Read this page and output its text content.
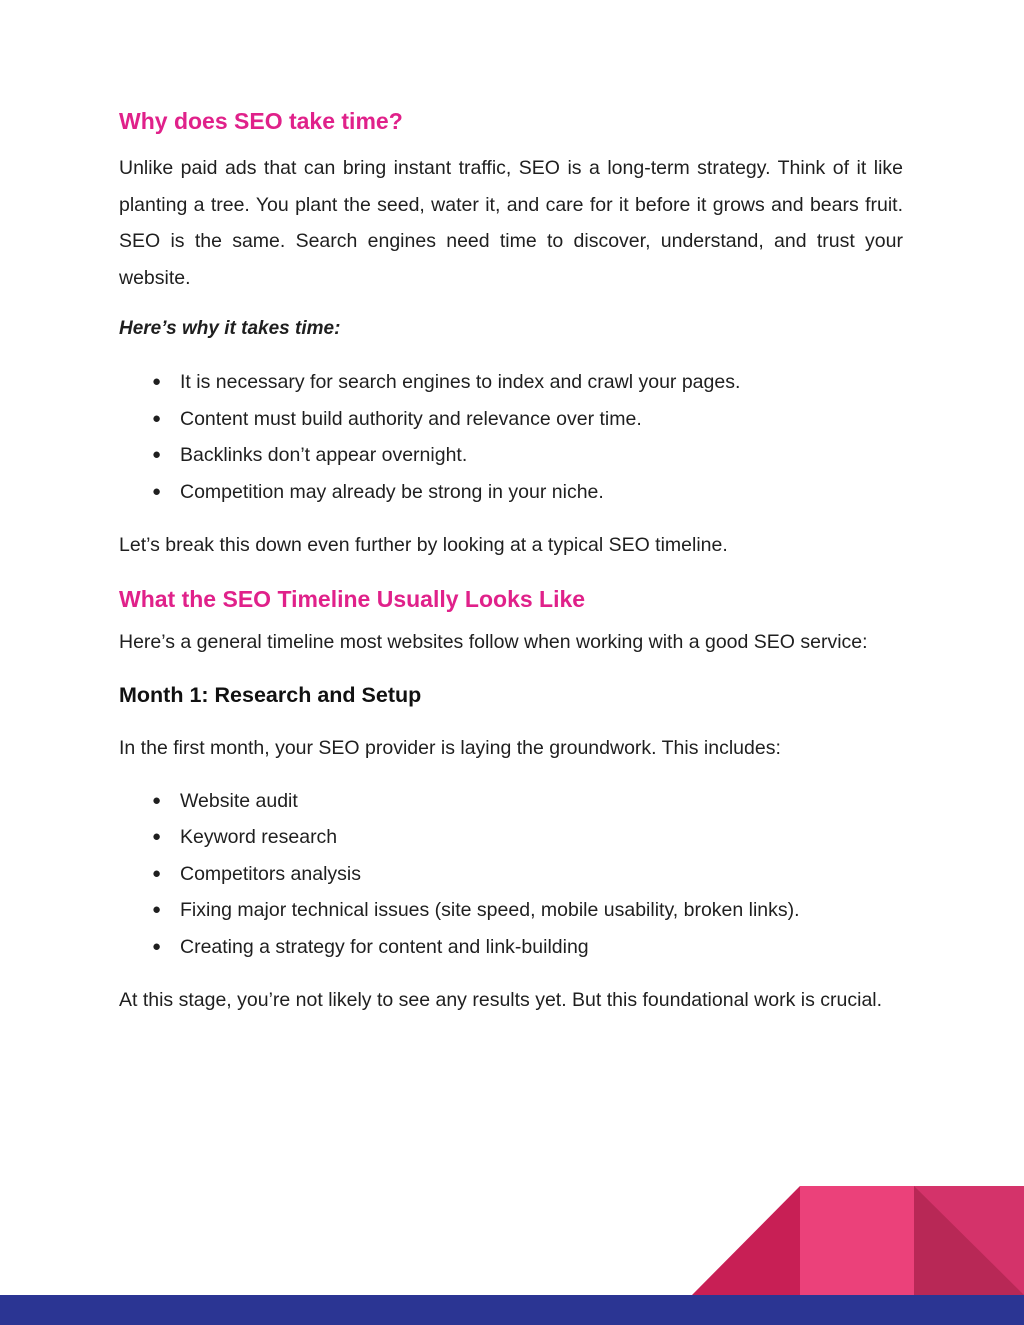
Why does SEO take time?

Unlike paid ads that can bring instant traffic, SEO is a long-term strategy. Think of it like planting a tree. You plant the seed, water it, and care for it before it grows and bears fruit. SEO is the same. Search engines need time to discover, understand, and trust your website.

Here’s why it takes time:
● It is necessary for search engines to index and crawl your pages.
● Content must build authority and relevance over time.
● Backlinks don’t appear overnight.
● Competition may already be strong in your niche.

Let’s break this down even further by looking at a typical SEO timeline.

What the SEO Timeline Usually Looks Like

Here’s a general timeline most websites follow when working with a good SEO service:

Month 1: Research and Setup

In the first month, your SEO provider is laying the groundwork. This includes:

● Website audit
● Keyword research
● Competitors analysis
● Fixing major technical issues (site speed, mobile usability, broken links).
● Creating a strategy for content and link-building

At this stage, you’re not likely to see any results yet. But this foundational work is crucial.
